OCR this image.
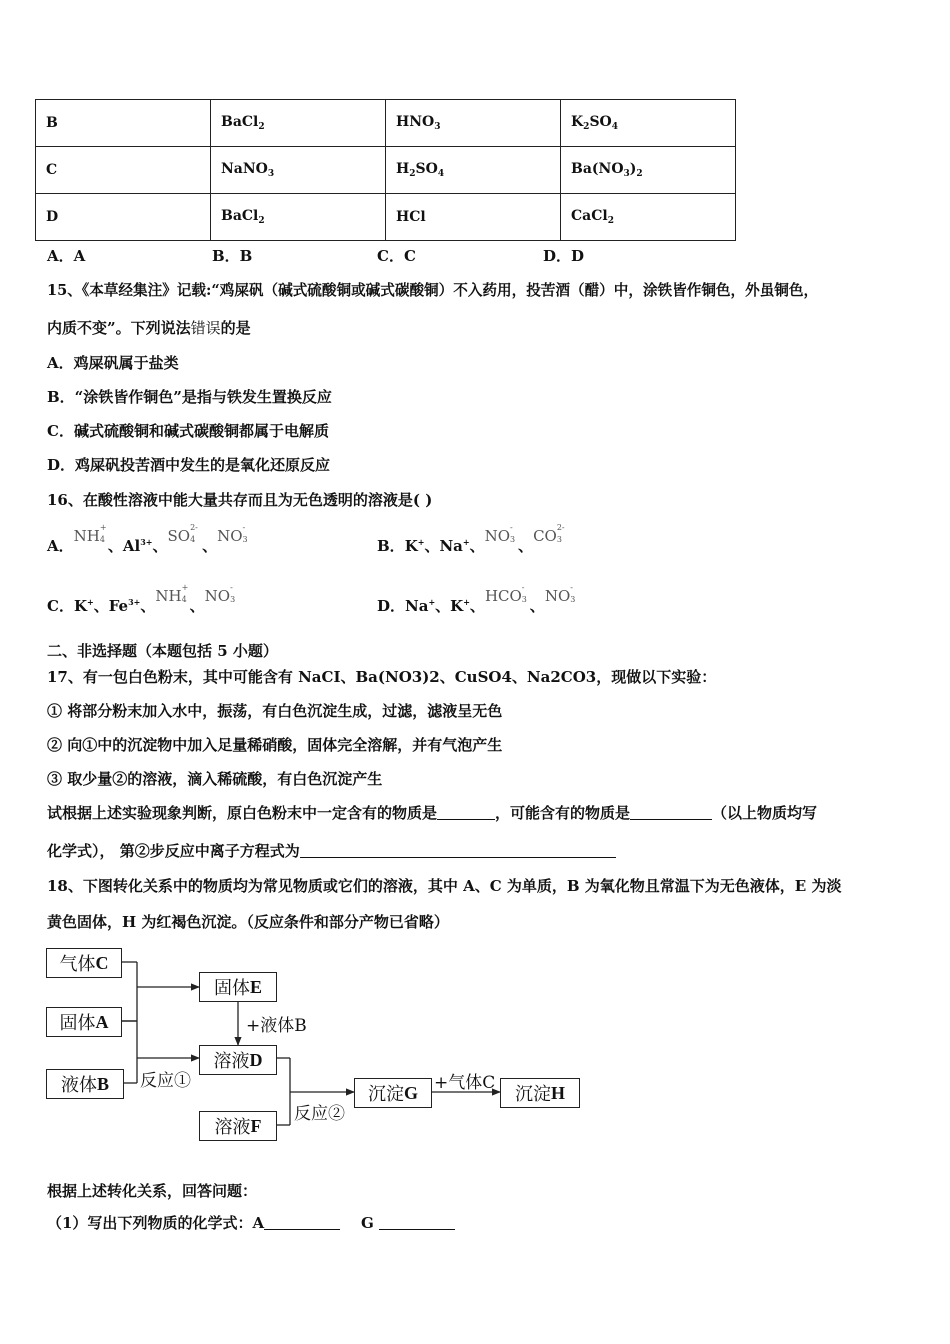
B	BaCl$_2$	$HNO_3$	$K_2SO_4$
C	NaNO$_3$	$H_2SO_4$	$Ba(NO_3)_2$
D	BaCl$_2$	HCl	CaCl$_2$
A．A	B．B	C．C	D．D
15、《本草经集注》记载:“鸡屎矾（碱式硫酸铜或碱式碳酸铜）不入药用，投苦酒（醋）中，涂铁皆作铜色，外虽铜色，
内质不变”。下列说法错误的是
A．鸡屎矾属于盐类
B．“涂铁皆作铜色”是指与铁发生置换反应
C．碱式硫酸铜和碱式碳酸铜都属于电解质
D．鸡屎矾投苦酒中发生的是氧化还原反应
16、在酸性溶液中能大量共存而且为无色透明的溶液是( )
A．NH +
4 、$Al^{3+}$、SO 2-
4 、NO -
3	B．K+、Na+、NO -
3 、CO 2-
3
C．K+、$Fe^{3+}$、NH +
4 、NO -
3	D．Na+、K+、HCO -
3 、NO -
3
二、非选择题（本题包括 5 小题）
17、有一包白色粉末，其中可能含有 NaCI、Ba(NO3)2、CuSO4、Na2CO3，现做以下实验：
① 将部分粉末加入水中，振荡，有白色沉淀生成，过滤，滤液呈无色
② 向①中的沉淀物中加入足量稀硝酸，固体完全溶解，并有气泡产生
③ 取少量②的溶液，滴入稀硫酸，有白色沉淀产生
试根据上述实验现象判断，原白色粉末中一定含有的物质是	，可能含有的物质是	（以上物质均写
化学式）， 第②步反应中离子方程式为
18、下图转化关系中的物质均为常见物质或它们的溶液，其中 A、C 为单质，B 为氧化物且常温下为无色液体，E 为淡
黄色固体，H 为红褐色沉淀。（反应条件和部分产物已省略）
气体 C
固体 A
液体 B
固体 E
溶液 D
溶液 F
沉淀 G	沉淀 H
+液体B
反应①
反应②
+气体C
根据上述转化关系，回答问题：
（1）写出下列物质的化学式：A	G
